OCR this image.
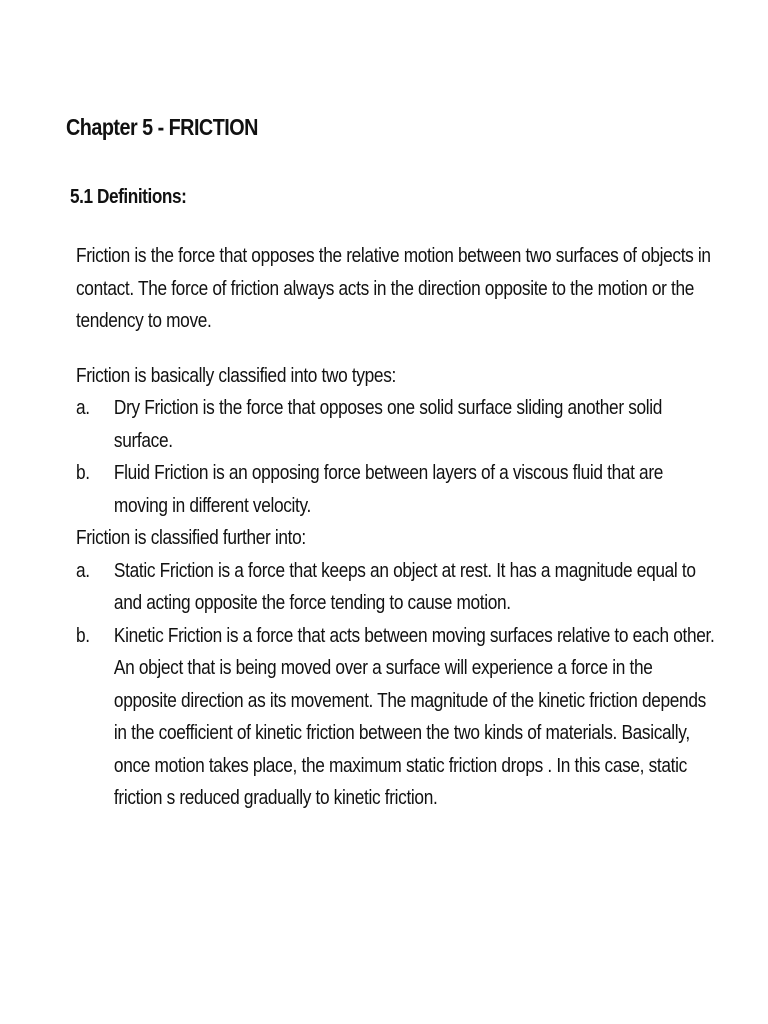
Chapter 5 - FRICTION
5.1 Definitions:

Friction is the force that opposes the relative motion between two surfaces of objects in contact. The force of friction always acts in the direction opposite to the motion or the tendency to move.

Friction is basically classified into two types:

a. Dry Friction is the force that opposes one solid surface sliding another solid surface.
b. Fluid Friction is an opposing force between layers of a viscous fluid that are moving in different velocity.

Friction is classified further into:

a. Static Friction is a force that keeps an object at rest. It has a magnitude equal to and acting opposite the force tending to cause motion.
b. Kinetic Friction is a force that acts between moving surfaces relative to each other. An object that is being moved over a surface will experience a force in the opposite direction as its movement. The magnitude of the kinetic friction depends in the coefficient of kinetic friction between the two kinds of materials. Basically, once motion takes place, the maximum static friction drops . In this case, static friction s reduced gradually to kinetic friction.
